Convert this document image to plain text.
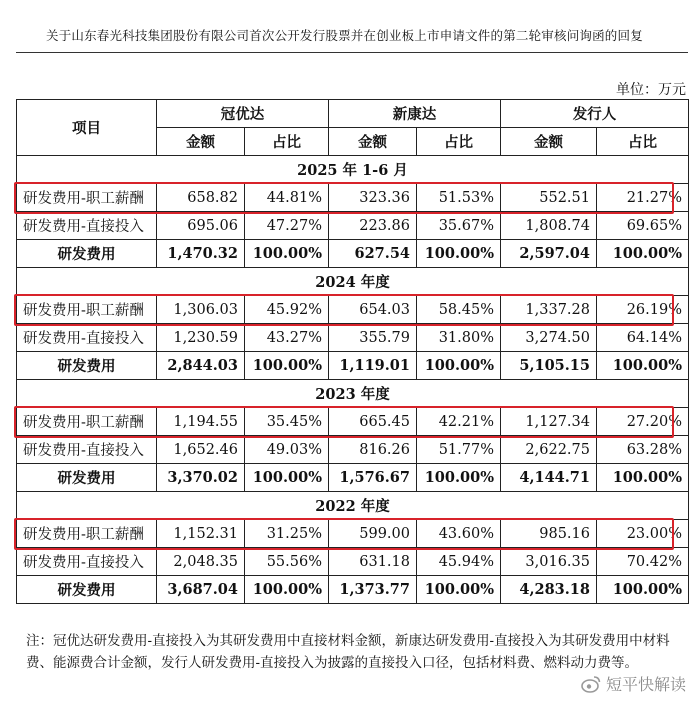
关于山东春光科技集团股份有限公司首次公开发行股票并在创业板上市申请文件的第二轮审核问询函的回复
单位：万元
项目	冠优达		新康达		发行人	
	金额	占比	金额	占比	金额	占比
2025 年 1-6 月						
研发费用-职工薪酬	658.82	44.81%	323.36	51.53%	552.51	21.27%
研发费用-直接投入	695.06	47.27%	223.86	35.67%	1,808.74	69.65%
研发费用	1,470.32	100.00%	627.54	100.00%	2,597.04	100.00%
2024 年度						
研发费用-职工薪酬	1,306.03	45.92%	654.03	58.45%	1,337.28	26.19%
研发费用-直接投入	1,230.59	43.27%	355.79	31.80%	3,274.50	64.14%
研发费用	2,844.03	100.00%	1,119.01	100.00%	5,105.15	100.00%
2023 年度						
研发费用-职工薪酬	1,194.55	35.45%	665.45	42.21%	1,127.34	27.20%
研发费用-直接投入	1,652.46	49.03%	816.26	51.77%	2,622.75	63.28%
研发费用	3,370.02	100.00%	1,576.67	100.00%	4,144.71	100.00%
2022 年度						
研发费用-职工薪酬	1,152.31	31.25%	599.00	43.60%	985.16	23.00%
研发费用-直接投入	2,048.35	55.56%	631.18	45.94%	3,016.35	70.42%
研发费用	3,687.04	100.00%	1,373.77	100.00%	4,283.18	100.00%
注：冠优达研发费用-直接投入为其研发费用中直接材料金额，新康达研发费用-直接投入为其研发费用中材料费、能源费合计金额，发行人研发费用-直接投入为披露的直接投入口径，包括材料费、燃料动力费等。
短平快解读
